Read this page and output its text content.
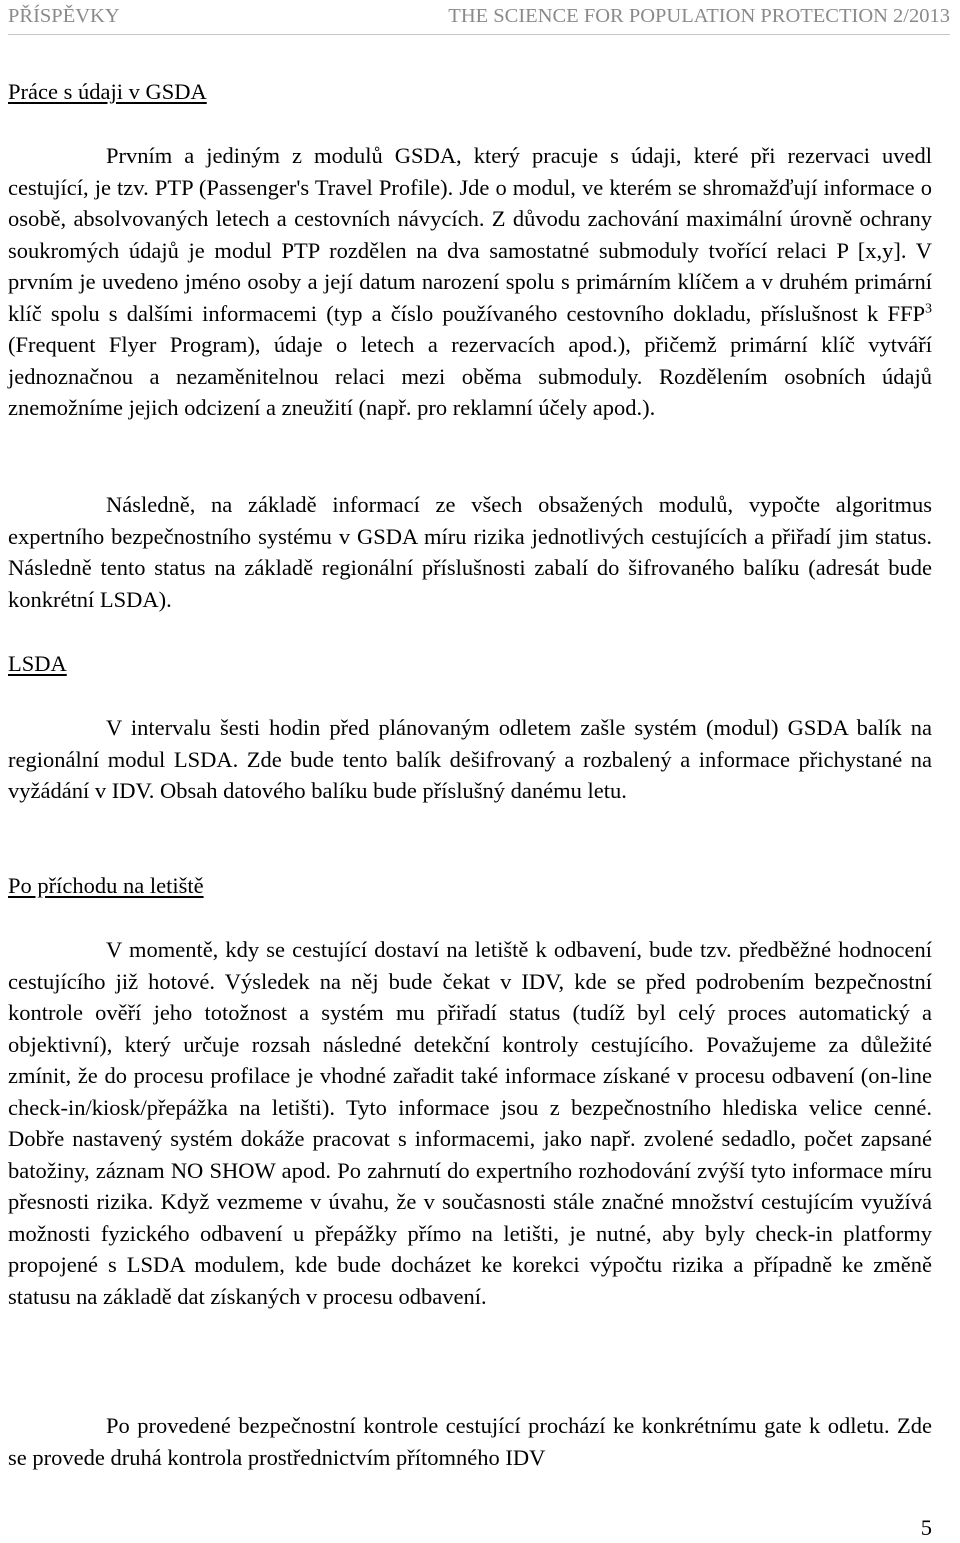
PŘÍSPĚVKY	THE SCIENCE FOR POPULATION PROTECTION 2/2013
Práce s údaji v GSDA

Prvním a jediným z modulů GSDA, který pracuje s údaji, které při rezervaci uvedl cestující, je tzv. PTP (Passenger's Travel Profile). Jde o modul, ve kterém se shromažďují informace o osobě, absolvovaných letech a cestovních návycích. Z důvodu zachování maximální úrovně ochrany soukromých údajů je modul PTP rozdělen na dva samostatné submoduly tvořící relaci P [x,y]. V prvním je uvedeno jméno osoby a její datum narození spolu s primárním klíčem a v druhém primární klíč spolu s dalšími informacemi (typ a číslo používaného cestovního dokladu, příslušnost k FFP$^3$ (Frequent Flyer Program), údaje o letech a rezervacích apod.), přičemž primární klíč vytváří jednoznačnou a nezaměnitelnou relaci mezi oběma submoduly. Rozdělením osobních údajů znemožníme jejich odcizení a zneužití (např. pro reklamní účely apod.).

Následně, na základě informací ze všech obsažených modulů, vypočte algoritmus expertního bezpečnostního systému v GSDA míru rizika jednotlivých cestujících a přiřadí jim status. Následně tento status na základě regionální příslušnosti zabalí do šifrovaného balíku (adresát bude konkrétní LSDA).

LSDA

V intervalu šesti hodin před plánovaným odletem zašle systém (modul) GSDA balík na regionální modul LSDA. Zde bude tento balík dešifrovaný a rozbalený a informace přichystané na vyžádání v IDV. Obsah datového balíku bude příslušný danému letu.

Po příchodu na letiště

V momentě, kdy se cestující dostaví na letiště k odbavení, bude tzv. předběžné hodnocení cestujícího již hotové. Výsledek na něj bude čekat v IDV, kde se před podrobením bezpečnostní kontrole ověří jeho totožnost a systém mu přiřadí status (tudíž byl celý proces automatický a objektivní), který určuje rozsah následné detekční kontroly cestujícího. Považujeme za důležité zmínit, že do procesu profilace je vhodné zařadit také informace získané v procesu odbavení (on-line check-in/kiosk/přepážka na letišti). Tyto informace jsou z bezpečnostního hlediska velice cenné. Dobře nastavený systém dokáže pracovat s informacemi, jako např. zvolené sedadlo, počet zapsané batožiny, záznam NO SHOW apod. Po zahrnutí do expertního rozhodování zvýší tyto informace míru přesnosti rizika. Když vezmeme v úvahu, že v současnosti stále značné množství cestujícím využívá možnosti fyzického odbavení u přepážky přímo na letišti, je nutné, aby byly check-in platformy propojené s LSDA modulem, kde bude docházet ke korekci výpočtu rizika a případně ke změně statusu na základě dat získaných v procesu odbavení.

Po provedené bezpečnostní kontrole cestující prochází ke konkrétnímu gate k odletu. Zde se provede druhá kontrola prostřednictvím přítomného IDV

5
